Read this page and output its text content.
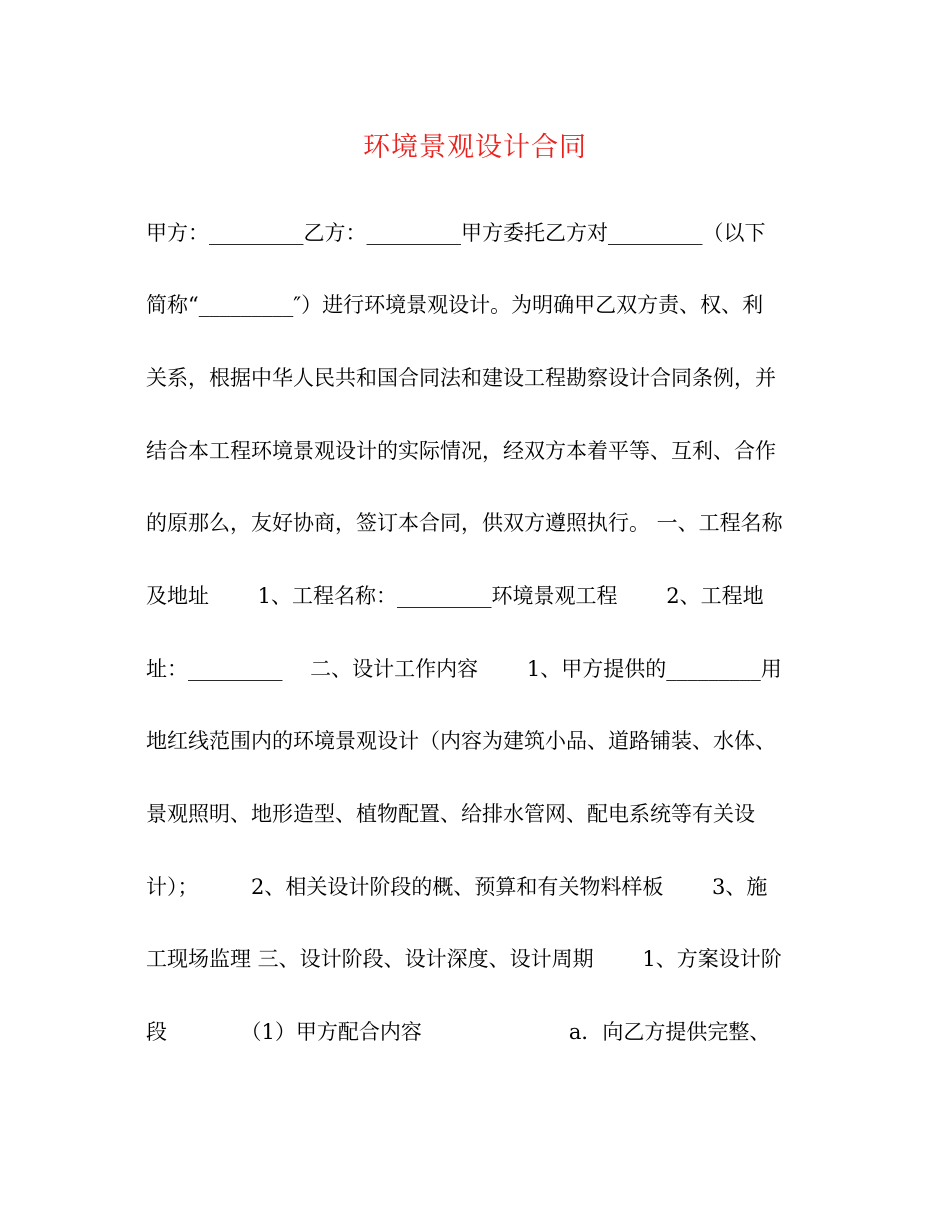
环境景观设计合同
甲方：_________乙方：_________甲方委托乙方对_________（以下
简称“_________″）进行环境景观设计。为明确甲乙双方责、权、利
关系，根据中华人民共和国合同法和建设工程勘察设计合同条例，并
结合本工程环境景观设计的实际情况，经双方本着平等、互利、合作
的原那么，友好协商，签订本合同，供双方遵照执行。 一、工程名称
及地址　　 1、工程名称：_________环境景观工程　　 2、工程地
址：_________　 二、设计工作内容　　 1、甲方提供的_________用
地红线范围内的环境景观设计（内容为建筑小品、道路铺装、水体、
景观照明、地形造型、植物配置、给排水管网、配电系统等有关设
计）；　　　2、相关设计阶段的概、预算和有关物料样板　　 3、施
工现场监理 三、设计阶段、设计深度、设计周期　　 1、方案设计阶
段　　　　（1）甲方配合内容　　　　　　　a．向乙方提供完整、
